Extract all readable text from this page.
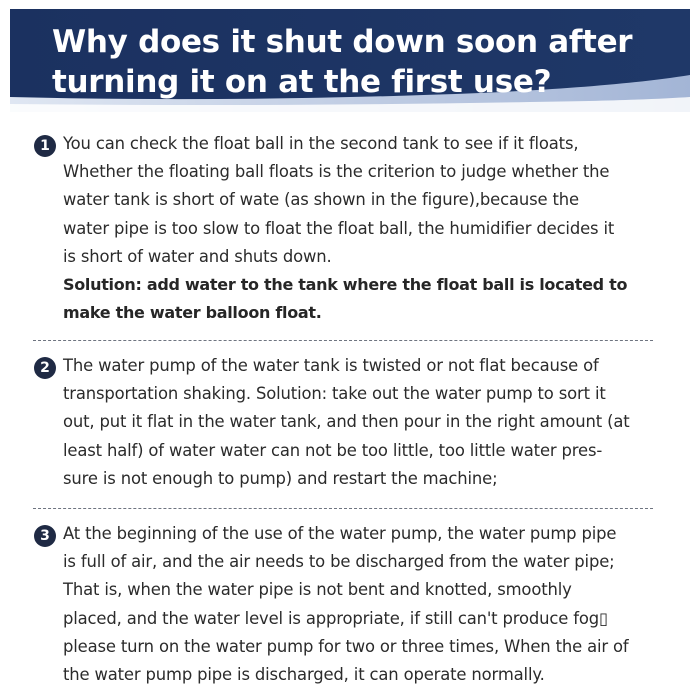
Why does it shut down soon after turning it on at the first use?
1 You can check the float ball in the second tank to see if it floats,
Whether the floating ball floats is the criterion to judge whether the
water tank is short of wate (as shown in the figure),because the
water pipe is too slow to float the float ball, the humidifier decides it
is short of water and shuts down.

Solution: add water to the tank where the float ball is located to
make the water balloon float.

2 The water pump of the water tank is twisted or not flat because of
transportation shaking. Solution: take out the water pump to sort it
out, put it flat in the water tank, and then pour in the right amount (at
least half) of water water can not be too little, too little water pres-
sure is not enough to pump) and restart the machine;

3 At the beginning of the use of the water pump, the water pump pipe
is full of air, and the air needs to be discharged from the water pipe;
That is, when the water pipe is not bent and knotted, smoothly
placed, and the water level is appropriate, if still can't produce fog▯
please turn on the water pump for two or three times, When the air of
the water pump pipe is discharged, it can operate normally.
